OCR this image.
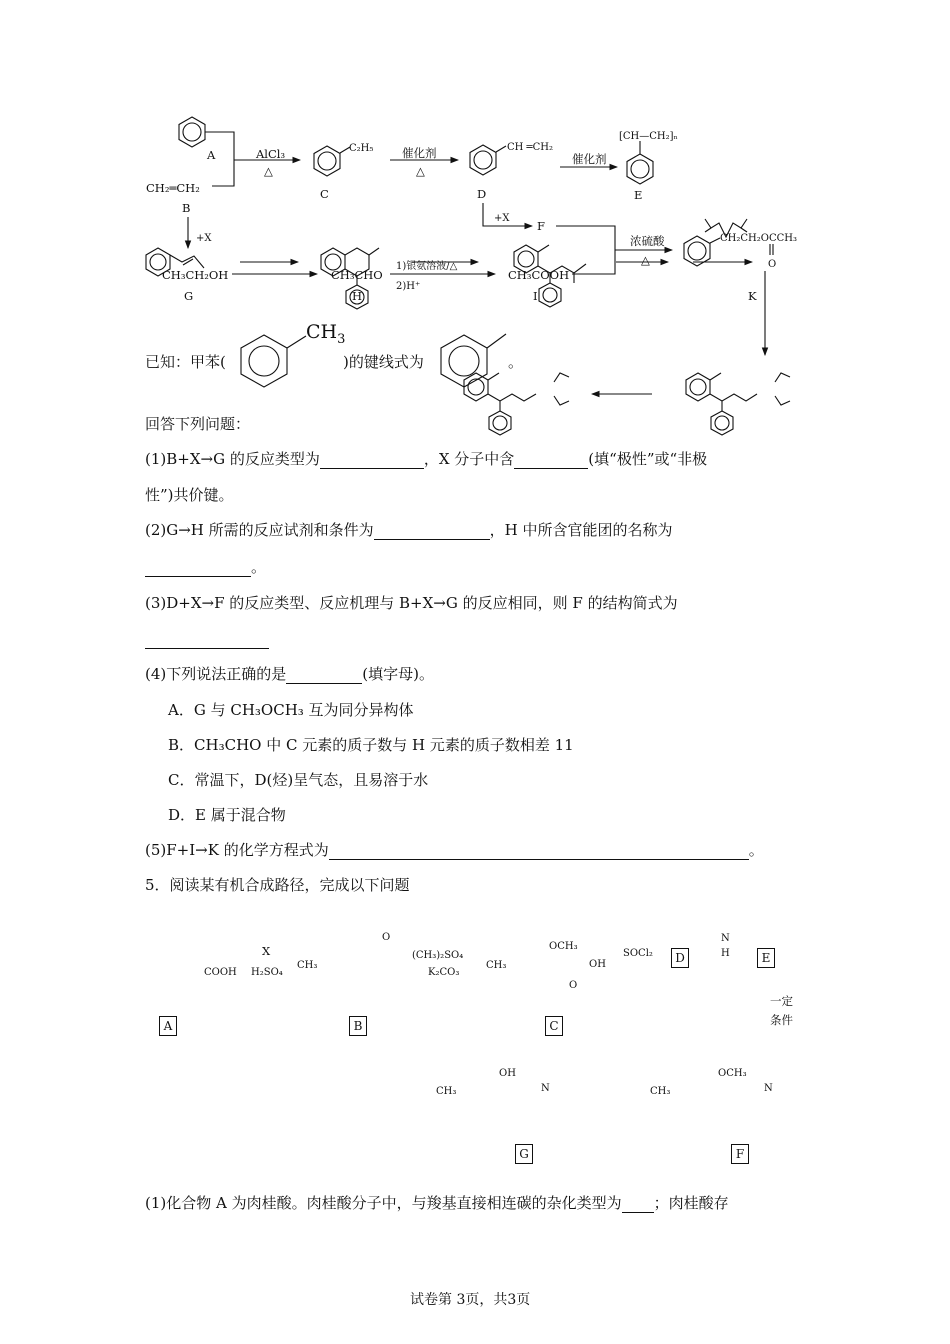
A
CH₂═CH₂
B
AlCl₃
△
C₂H₅
C
催化剂
△
CH ═CH₂
D
[CH—CH₂]ₙ
催化剂
E
+X
F
+X
CH₃CH₂OH
G
CH₃CHO
H
1)银氨溶液/△
2)H⁺
CH₃COOH
I
浓硫酸
△
CH₂CH₂OCCH₃
O
K
已知：甲苯(
$CH_3$
)的键线式为	。
回答下列问题：
(1)B+X→G 的反应类型为	，X 分子中含	(填“极性”或“非极
性”)共价键。
(2)G→H 所需的反应试剂和条件为	，H 中所含官能团的名称为
。
(3)D+X→F 的反应类型、反应机理与 B+X→G 的反应相同，则 F 的结构简式为
(4)下列说法正确的是	(填字母)。
A．G 与 CH₃OCH₃ 互为同分异构体
B．CH₃CHO 中 C 元素的质子数与 H 元素的质子数相差 11
C．常温下，D(烃)呈气态，且易溶于水
D．E 属于混合物
(5)F+I→K 的化学方程式为	。
5．阅读某有机合成路径，完成以下问题
COOH
X
H₂SO₄
CH₃
O
(CH₃)₂SO₄
K₂CO₃
OCH₃
CH₃	OH
O
SOCl₂
N
H
一定
条件
OCH₃
CH₃	N
OH
CH₃	N
A	B	C
D	E
F
G
(1)化合物 A 为肉桂酸。肉桂酸分子中，与羧基直接相连碳的杂化类型为 ；肉桂酸存
试卷第 3页，共3页
